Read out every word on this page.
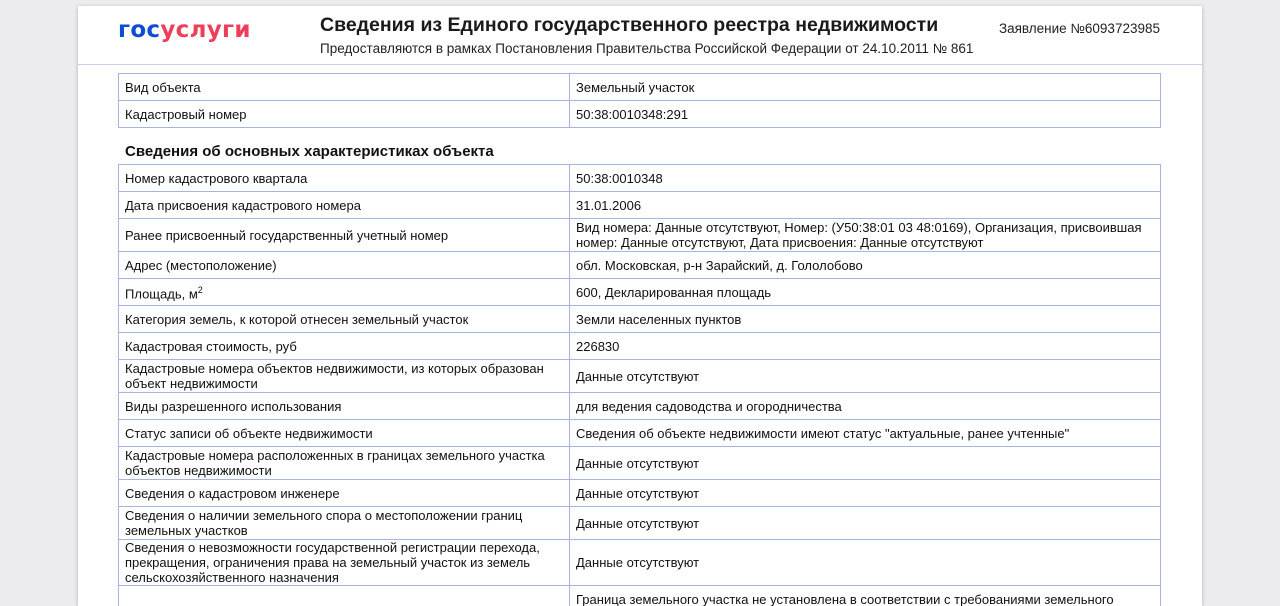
госуслуги	Сведения из Единого государственного реестра недвижимости
Предоставляются в рамках Постановления Правительства Российской Федерации от 24.10.2011 № 861
Заявление №6093723985
Вид объекта	Земельный участок
Кадастровый номер	50:38:0010348:291
Сведения об основных характеристиках объекта
Номер кадастрового квартала	50:38:0010348
Дата присвоения кадастрового номера	31.01.2006
Ранее присвоенный государственный учетный номер	Вид номера: Данные отсутствуют, Номер: (У50:38:01 03 48:0169), Организация, присвоившая номер: Данные отсутствуют, Дата присвоения: Данные отсутствуют
Адрес (местоположение)	обл. Московская, р-н Зарайский, д. Гололобово
Площадь, $м^2$	600, Декларированная площадь
Категория земель, к которой отнесен земельный участок	Земли населенных пунктов
Кадастровая стоимость, руб	226830
Кадастровые номера объектов недвижимости, из которых образован объект недвижимости	Данные отсутствуют
Виды разрешенного использования	для ведения садоводства и огородничества
Статус записи об объекте недвижимости	Сведения об объекте недвижимости имеют статус "актуальные, ранее учтенные"
Кадастровые номера расположенных в границах земельного участка объектов недвижимости	Данные отсутствуют
Сведения о кадастровом инженере	Данные отсутствуют
Сведения о наличии земельного спора о местоположении границ земельных участков	Данные отсутствуют
Сведения о невозможности государственной регистрации перехода, прекращения, ограничения права на земельный участок из земель сельскохозяйственного назначения	Данные отсутствуют
	Граница земельного участка не установлена в соответствии с требованиями земельного
